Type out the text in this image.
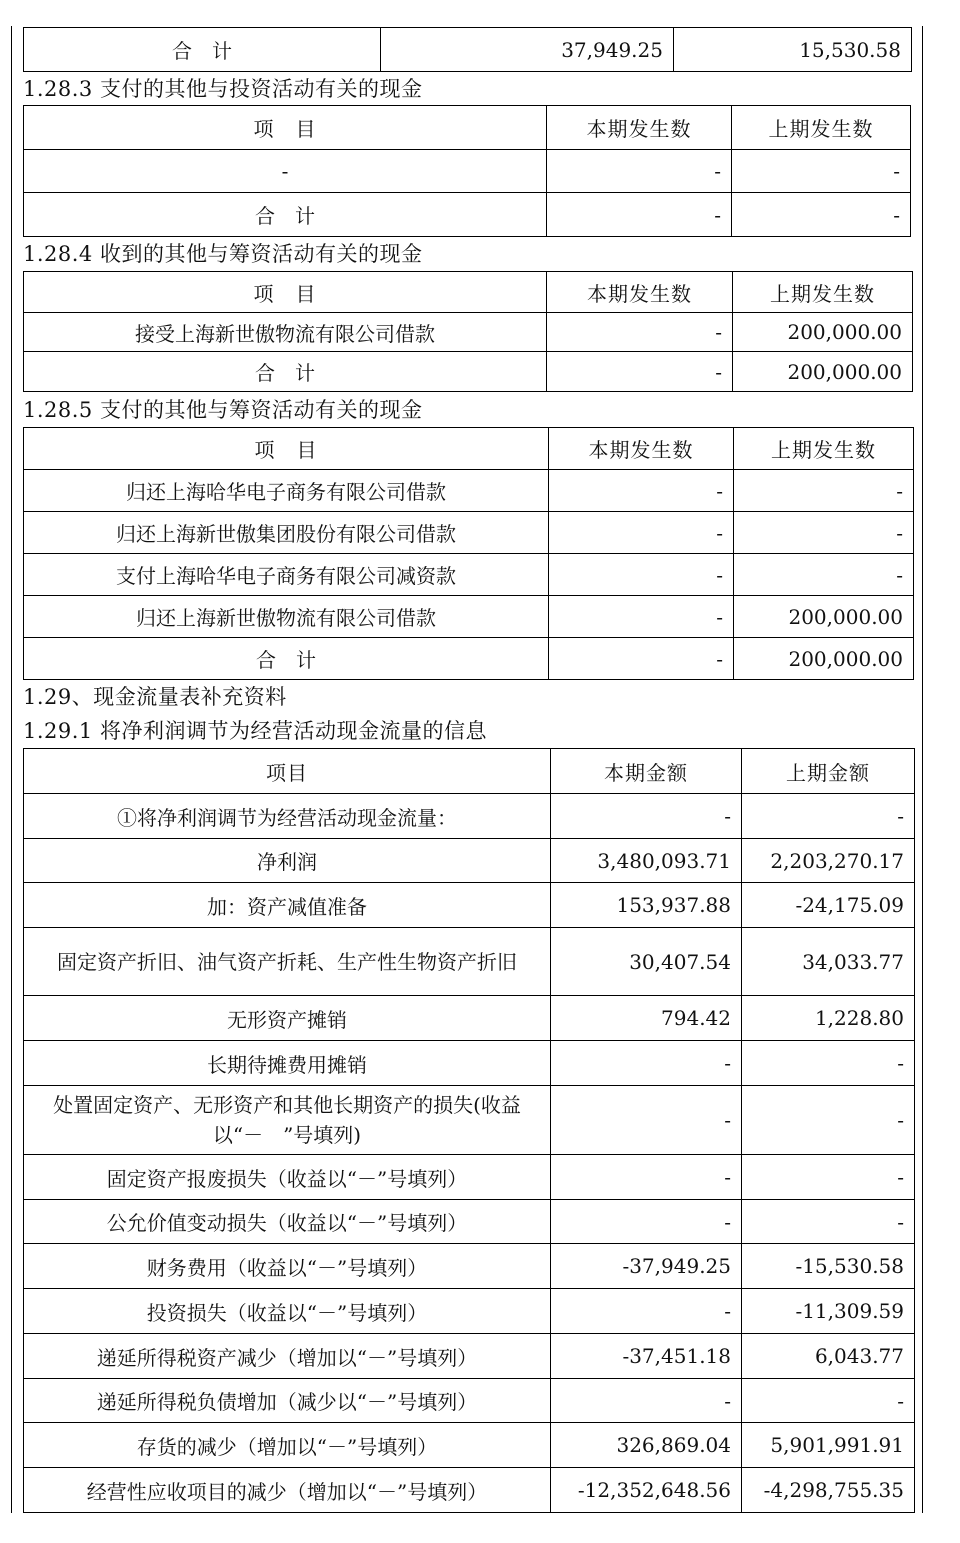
合　计	37,949.25	15,530.58
1.28.3 支付的其他与投资活动有关的现金
项　目	本期发生数	上期发生数
-	-	-
合　计	-	-
1.28.4 收到的其他与筹资活动有关的现金
项　目	本期发生数	上期发生数
接受上海新世傲物流有限公司借款	-	200,000.00
合　计	-	200,000.00
1.28.5 支付的其他与筹资活动有关的现金
项　目	本期发生数	上期发生数
归还上海哈华电子商务有限公司借款	-	-
归还上海新世傲集团股份有限公司借款	-	-
支付上海哈华电子商务有限公司减资款	-	-
归还上海新世傲物流有限公司借款	-	200,000.00
合　计	-	200,000.00
1.29、现金流量表补充资料
1.29.1 将净利润调节为经营活动现金流量的信息
项目	本期金额	上期金额
①将净利润调节为经营活动现金流量：	-	-
净利润	3,480,093.71	2,203,270.17
加：资产减值准备	153,937.88	-24,175.09
固定资产折旧、油气资产折耗、生产性生物资产折旧	30,407.54	34,033.77
无形资产摊销	794.42	1,228.80
长期待摊费用摊销	-	-
处置固定资产、无形资产和其他长期资产的损失(收益以“－　”号填列)	-	-
固定资产报废损失（收益以“－”号填列）	-	-
公允价值变动损失（收益以“－”号填列）	-	-
财务费用（收益以“－”号填列）	-37,949.25	-15,530.58
投资损失（收益以“－”号填列）	-	-11,309.59
递延所得税资产减少（增加以“－”号填列）	-37,451.18	6,043.77
递延所得税负债增加（减少以“－”号填列）	-	-
存货的减少（增加以“－”号填列）	326,869.04	5,901,991.91
经营性应收项目的减少（增加以“－”号填列）	-12,352,648.56	-4,298,755.35
